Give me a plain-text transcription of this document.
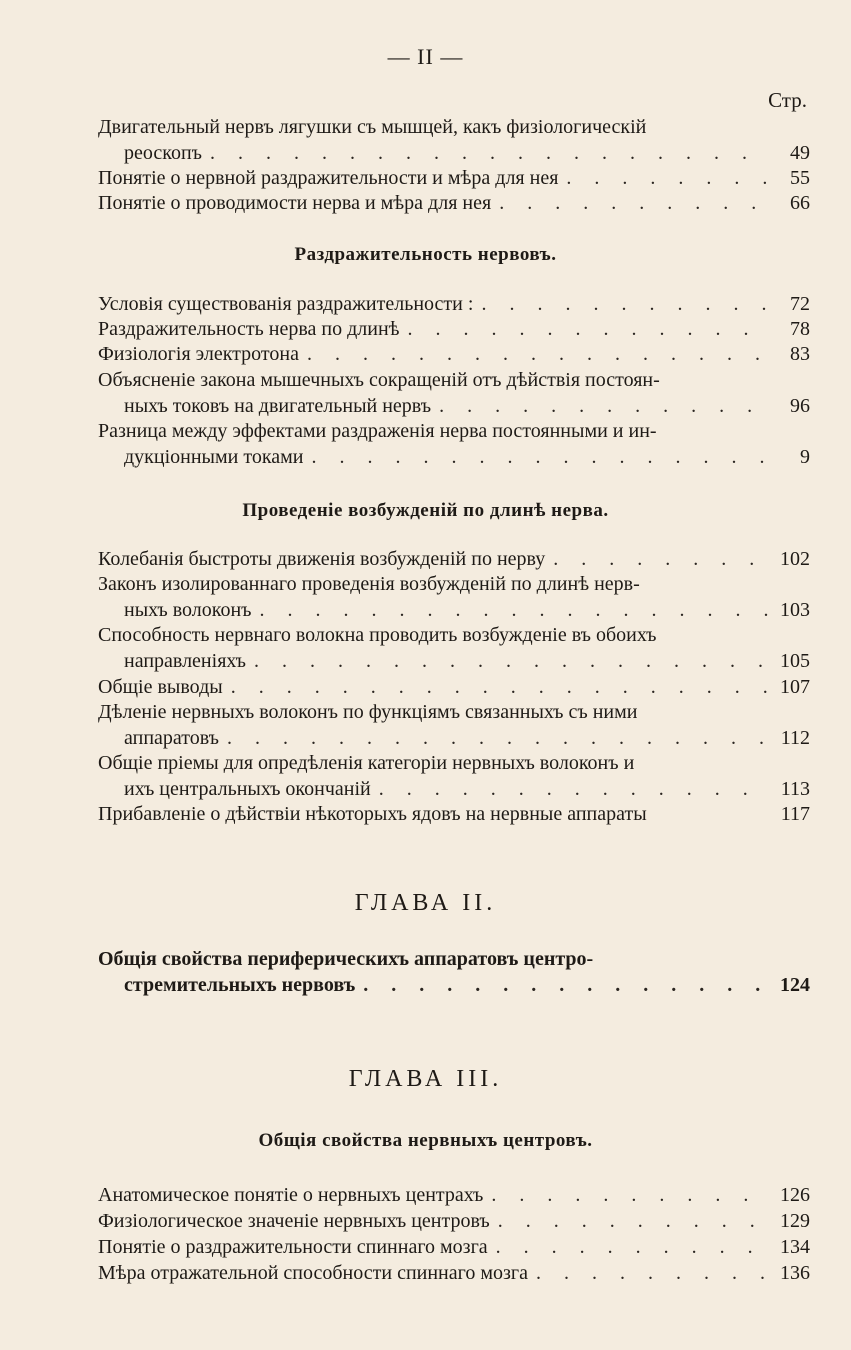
— II —
Стр.
Двигательный нервъ лягушки съ мышцей, какъ физiологическiй
реоскопъ . . .	49
Понятiе о нервной раздражительности и мѣра для нея . . .	55
Понятiе о проводимости нерва и мѣра для нея . . .	66
Раздражительность нервовъ.
Условiя существованiя раздражительности : . . .	72
Раздражительность нерва по длинѣ . . .	78
Физiологiя электротона . . .	83
Объясненiе закона мышечныхъ сокращенiй отъ дѣйствiя постоян-
ныхъ токовъ на двигательный нервъ . . .	96
Разница между эффектами раздраженiя нерва постоянными и ин-
дукцiонными токами . . .	9
Проведенiе возбужденiй по длинѣ нерва.
Колебанiя быстроты движенiя возбужденiй по нерву . . .	102
Законъ изолированнаго проведенiя возбужденiй по длинѣ нерв-
ныхъ волоконъ . . .	103
Способность нервнаго волокна проводить возбужденiе въ обоихъ
направленiяхъ . . .	105
Общiе выводы . . .	107
Дѣленiе нервныхъ волоконъ по функцiямъ связанныхъ съ ними
аппаратовъ . . .	112
Общiе прiемы для опредѣленiя категорiи нервныхъ волоконъ и
ихъ центральныхъ окончанiй . . .	113
Прибавленiе о дѣйствiи нѣкоторыхъ ядовъ на нервные аппараты	117
ГЛАВА II.
Общiя свойства периферическихъ аппаратовъ центро-
стремительныхъ нервовъ . . .	124
ГЛАВА III.
Общiя свойства нервныхъ центровъ.
Анатомическое понятiе о нервныхъ центрахъ . . .	126
Физiологическое значенiе нервныхъ центровъ . . .	129
Понятiе о раздражительности спиннаго мозга . . .	134
Мѣра отражательной способности спиннаго мозга . . .	136
